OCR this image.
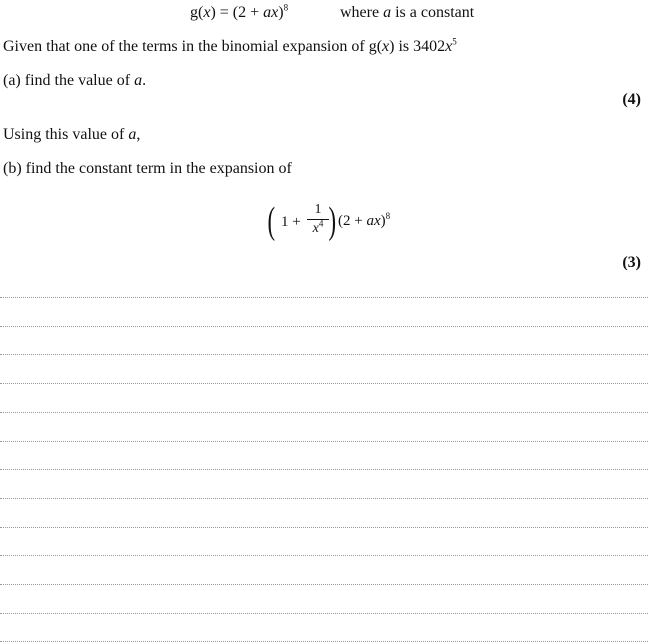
g(x) = (2 + ax)$^8$	where a is a constant
Given that one of the terms in the binomial expansion of g(x) is $3402x^5$
(a) find the value of a.
(4)
Using this value of a,
(b) find the constant term in the expansion of
( 1 +
1
$x^4$ ) (2 + ax)$^8$
(3)
